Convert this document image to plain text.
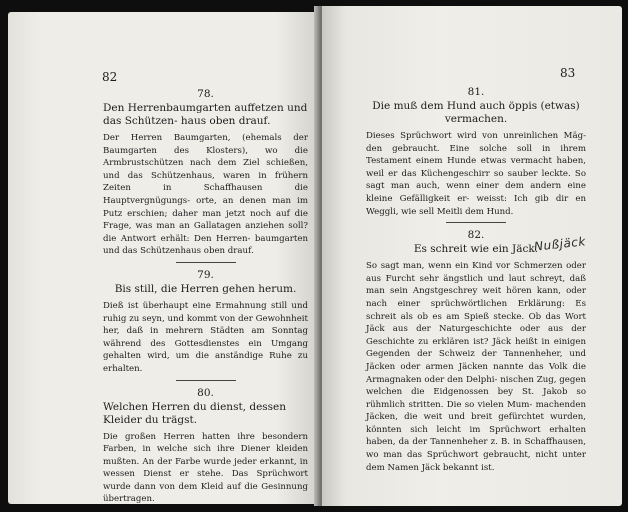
82

78.

Den Herrenbaumgarten auffetzen und das Schützen- haus oben drauf.

Der Herren Baumgarten, (ehemals der Baumgarten des Klosters), wo die Armbrustschützen nach dem Ziel schießen, und das Schützenhaus, waren in frühern Zeiten in Schaffhausen die Hauptvergnügungs- orte, an denen man im Putz erschien; daher man jetzt noch auf die Frage, was man an Gallatagen anziehen soll? die Antwort erhält: Den Herren- baumgarten und das Schützenhaus oben drauf.

79.

Bis still, die Herren gehen herum.

Dieß ist überhaupt eine Ermahnung still und ruhig zu seyn, und kommt von der Gewohnheit her, daß in mehrern Städten am Sonntag während des Gottesdienstes ein Umgang gehalten wird, um die anständige Ruhe zu erhalten.

80.

Welchen Herren du dienst, dessen Kleider du trägst.

Die großen Herren hatten ihre besondern Farben, in welche sich ihre Diener kleiden mußten. An der Farbe wurde jeder erkannt, in wessen Dienst er stehe. Das Sprüchwort wurde dann von dem Kleid auf die Gesinnung übertragen.

83

81.

Die muß dem Hund auch öppis (etwas) vermachen.

Dieses Sprüchwort wird von unreinlichen Mäg- den gebraucht. Eine solche soll in ihrem Testament einem Hunde etwas vermacht haben, weil er das Küchengeschirr so sauber leckte. So sagt man auch, wenn einer dem andern eine kleine Gefälligkeit er- weisst: Ich gib dir en Weggli, wie sell Meitli dem Hund.

82.

Es schreit wie ein Jäck.

Nußjäck

So sagt man, wenn ein Kind vor Schmerzen oder aus Furcht sehr ängstlich und laut schreyt, daß man sein Angstgeschrey weit hören kann, oder nach einer sprüchwörtlichen Erklärung: Es schreit als ob es am Spieß stecke. Ob das Wort Jäck aus der Naturgeschichte oder aus der Geschichte zu erklären ist? Jäck heißt in einigen Gegenden der Schweiz der Tannenheher, und Jäcken oder armen Jäcken nannte das Volk die Armagnaken oder den Delphi- nischen Zug, gegen welchen die Eidgenossen bey St. Jakob so rühmlich stritten. Die so vielen Mum- machenden Jäcken, die weit und breit gefürchtet wurden, könnten sich leicht im Sprüchwort erhalten haben, da der Tannenheher z. B. in Schaffhausen, wo man das Sprüchwort gebraucht, nicht unter dem Namen Jäck bekannt ist.
